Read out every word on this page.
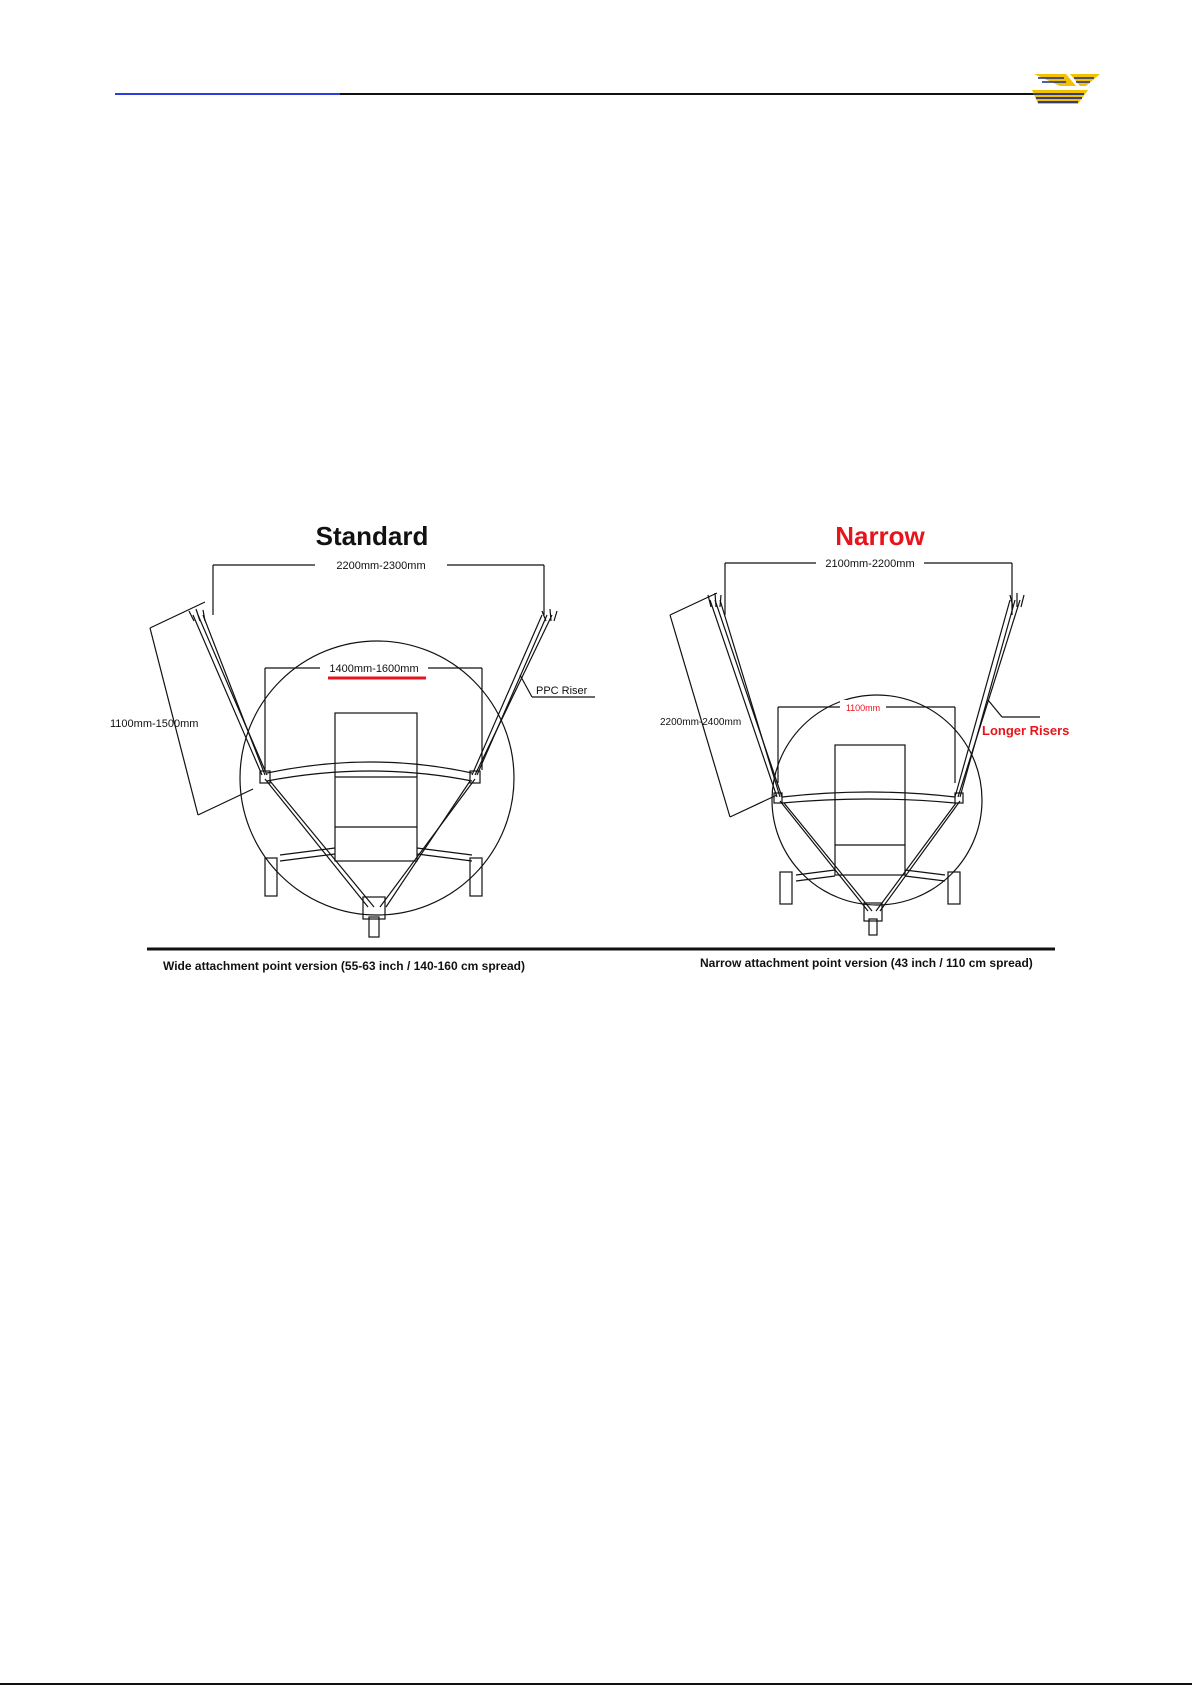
Standard
2200mm-2300mm
1400mm-1600mm
1100mm-1500mm
PPC Riser
Wide attachment point version (55-63 inch / 140-160 cm spread)
Narrow
2100mm-2200mm
1100mm
2200mm-2400mm
Longer Risers
Narrow attachment point version (43 inch / 110 cm spread)
